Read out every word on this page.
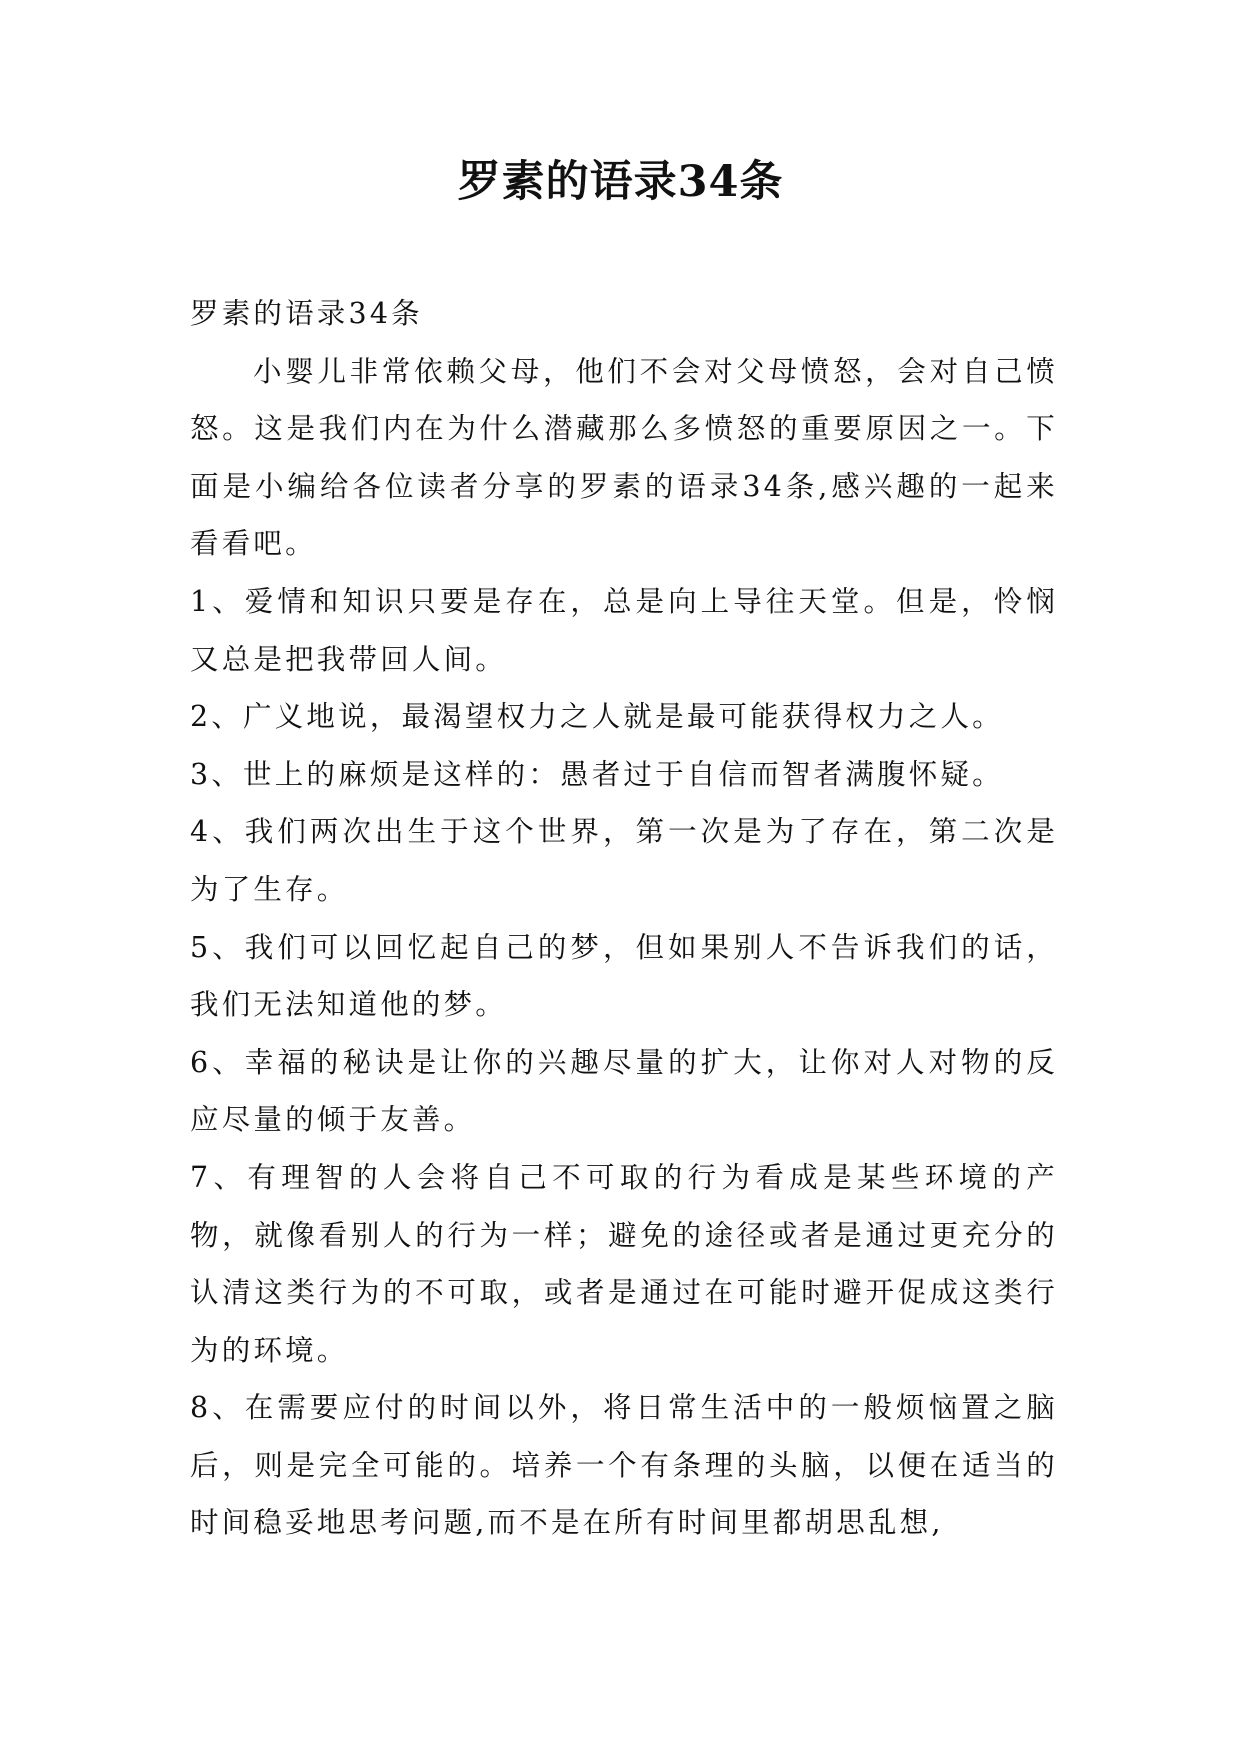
罗素的语录34条

罗素的语录34条

小婴儿非常依赖父母，他们不会对父母愤怒，会对自己愤怒。这是我们内在为什么潜藏那么多愤怒的重要原因之一。下面是小编给各位读者分享的罗素的语录34条,感兴趣的一起来看看吧。

1、爱情和知识只要是存在，总是向上导往天堂。但是，怜悯又总是把我带回人间。

2、广义地说，最渴望权力之人就是最可能获得权力之人。

3、世上的麻烦是这样的：愚者过于自信而智者满腹怀疑。

4、我们两次出生于这个世界，第一次是为了存在，第二次是为了生存。

5、我们可以回忆起自己的梦，但如果别人不告诉我们的话，我们无法知道他的梦。

6、幸福的秘诀是让你的兴趣尽量的扩大，让你对人对物的反应尽量的倾于友善。

7、有理智的人会将自己不可取的行为看成是某些环境的产物，就像看别人的行为一样；避免的途径或者是通过更充分的认清这类行为的不可取，或者是通过在可能时避开促成这类行为的环境。

8、在需要应付的时间以外，将日常生活中的一般烦恼置之脑后，则是完全可能的。培养一个有条理的头脑，以便在适当的时间稳妥地思考问题,而不是在所有时间里都胡思乱想,
